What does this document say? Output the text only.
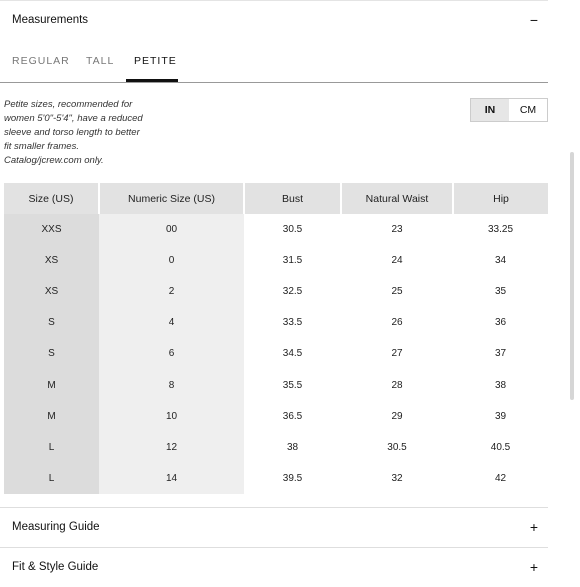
Measurements	−
REGULAR TALL PETITE
Petite sizes, recommended for
women 5'0"-5'4", have a reduced
sleeve and torso length to better
fit smaller frames.
Catalog/jcrew.com only.
IN	CM
Size (US)	Numeric Size (US)	Bust	Natural Waist	Hip
XXS	00	30.5	23	33.25
XS	0	31.5	24	34
XS	2	32.5	25	35
S	4	33.5	26	36
S	6	34.5	27	37
M	8	35.5	28	38
M	10	36.5	29	39
L	12	38	30.5	40.5
L	14	39.5	32	42
Measuring Guide	+
Fit & Style Guide	+
